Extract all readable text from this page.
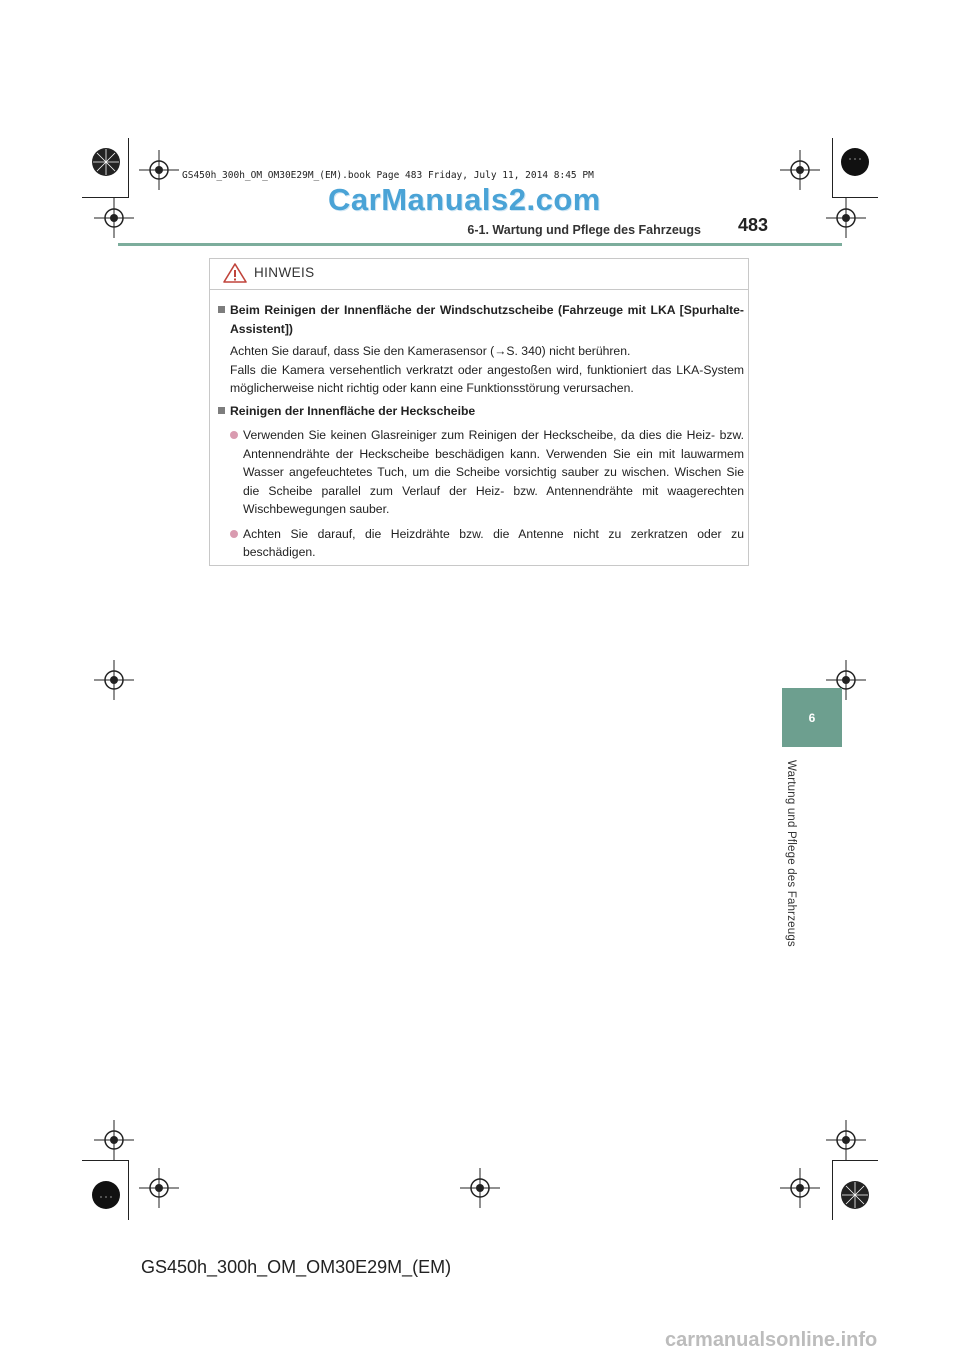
GS450h_300h_OM_OM30E29M_(EM).book Page 483 Friday, July 11, 2014 8:45 PM
CarManuals2.com
6-1. Wartung und Pflege des Fahrzeugs 483
6
Wartung und Pflege des Fahrzeugs
HINWEIS
Beim Reinigen der Innenfläche der Windschutzscheibe (Fahrzeuge mit LKA [Spurhalte-Assistent])
Achten Sie darauf, dass Sie den Kamerasensor (→S. 340) nicht berühren.
Falls die Kamera versehentlich verkratzt oder angestoßen wird, funktioniert das LKA-System möglicherweise nicht richtig oder kann eine Funktionsstörung verursachen.
Reinigen der Innenfläche der Heckscheibe
Verwenden Sie keinen Glasreiniger zum Reinigen der Heckscheibe, da dies die Heiz- bzw. Antennendrähte der Heckscheibe beschädigen kann. Verwenden Sie ein mit lauwarmem Wasser angefeuchtetes Tuch, um die Scheibe vorsichtig sauber zu wischen. Wischen Sie die Scheibe parallel zum Verlauf der Heiz- bzw. Antennendrähte mit waagerechten Wischbewegungen sauber.
Achten Sie darauf, die Heizdrähte bzw. die Antenne nicht zu zerkratzen oder zu beschädigen.
GS450h_300h_OM_OM30E29M_(EM)
carmanualsonline.info
